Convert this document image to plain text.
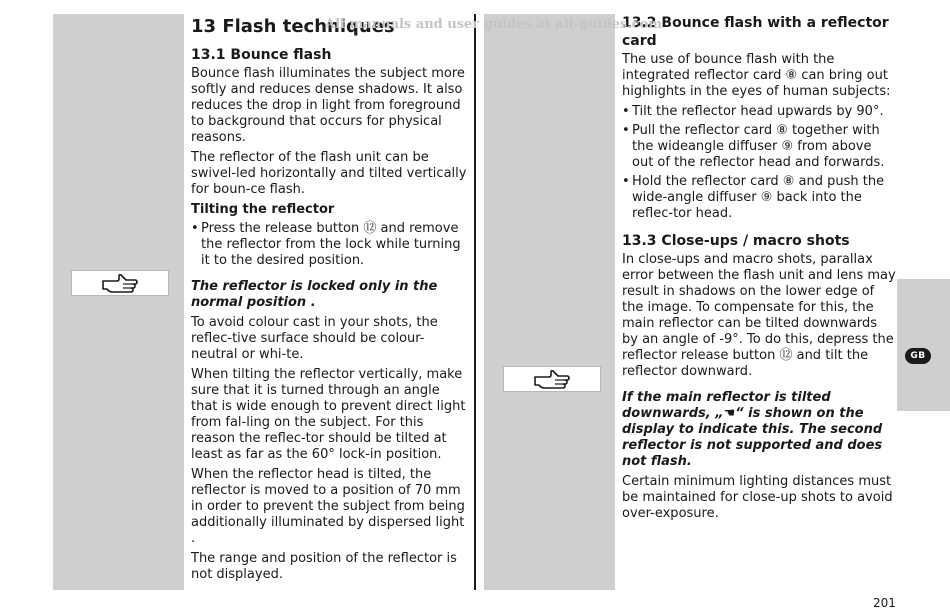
13 Flash techniques
13.1 Bounce flash

Bounce flash illuminates the subject more softly and reduces dense shadows. It also reduces the drop in light from foreground to background that occurs for physical reasons.

The reflector of the flash unit can be swivel-led horizontally and tilted vertically for boun-ce flash.

Tilting the reflector
• Press the release button ⑫ and remove the reflector from the lock while turning it to the desired position.

The reflector is locked only in the normal position .

To avoid colour cast in your shots, the reflec-tive surface should be colour-neutral or whi-te.

When tilting the reflector vertically, make sure that it is turned through an angle that is wide enough to prevent direct light from fal-ling on the subject. For this reason the reflec-tor should be tilted at least as far as the 60° lock-in position.

When the reflector head is tilted, the reflector is moved to a position of 70 mm in order to prevent the subject from being additionally illuminated by dispersed light .

The range and position of the reflector is not displayed.

13.2 Bounce flash with a reflector card

The use of bounce flash with the integrated reflector card ⑧ can bring out highlights in the eyes of human subjects:

• Tilt the reflector head upwards by 90°.
• Pull the reflector card ⑧ together with the wideangle diffuser ⑨ from above out of the reflector head and forwards.
• Hold the reflector card ⑧ and push the wide-angle diffuser ⑨ back into the reflec-tor head.
13.3 Close-ups / macro shots

In close-ups and macro shots, parallax error between the flash unit and lens may result in shadows on the lower edge of the image. To compensate for this, the main reflector can be tilted downwards by an angle of -9°. To do this, depress the reflector release button ⑫ and tilt the reflector downward.

If the main reflector is tilted downwards, „☚“ is shown on the display to indicate this. The second reflector is not supported and does not flash.

Certain minimum lighting distances must be maintained for close-up shots to avoid over-exposure.

All manuals and user guides at all-guides.com
GB
201
